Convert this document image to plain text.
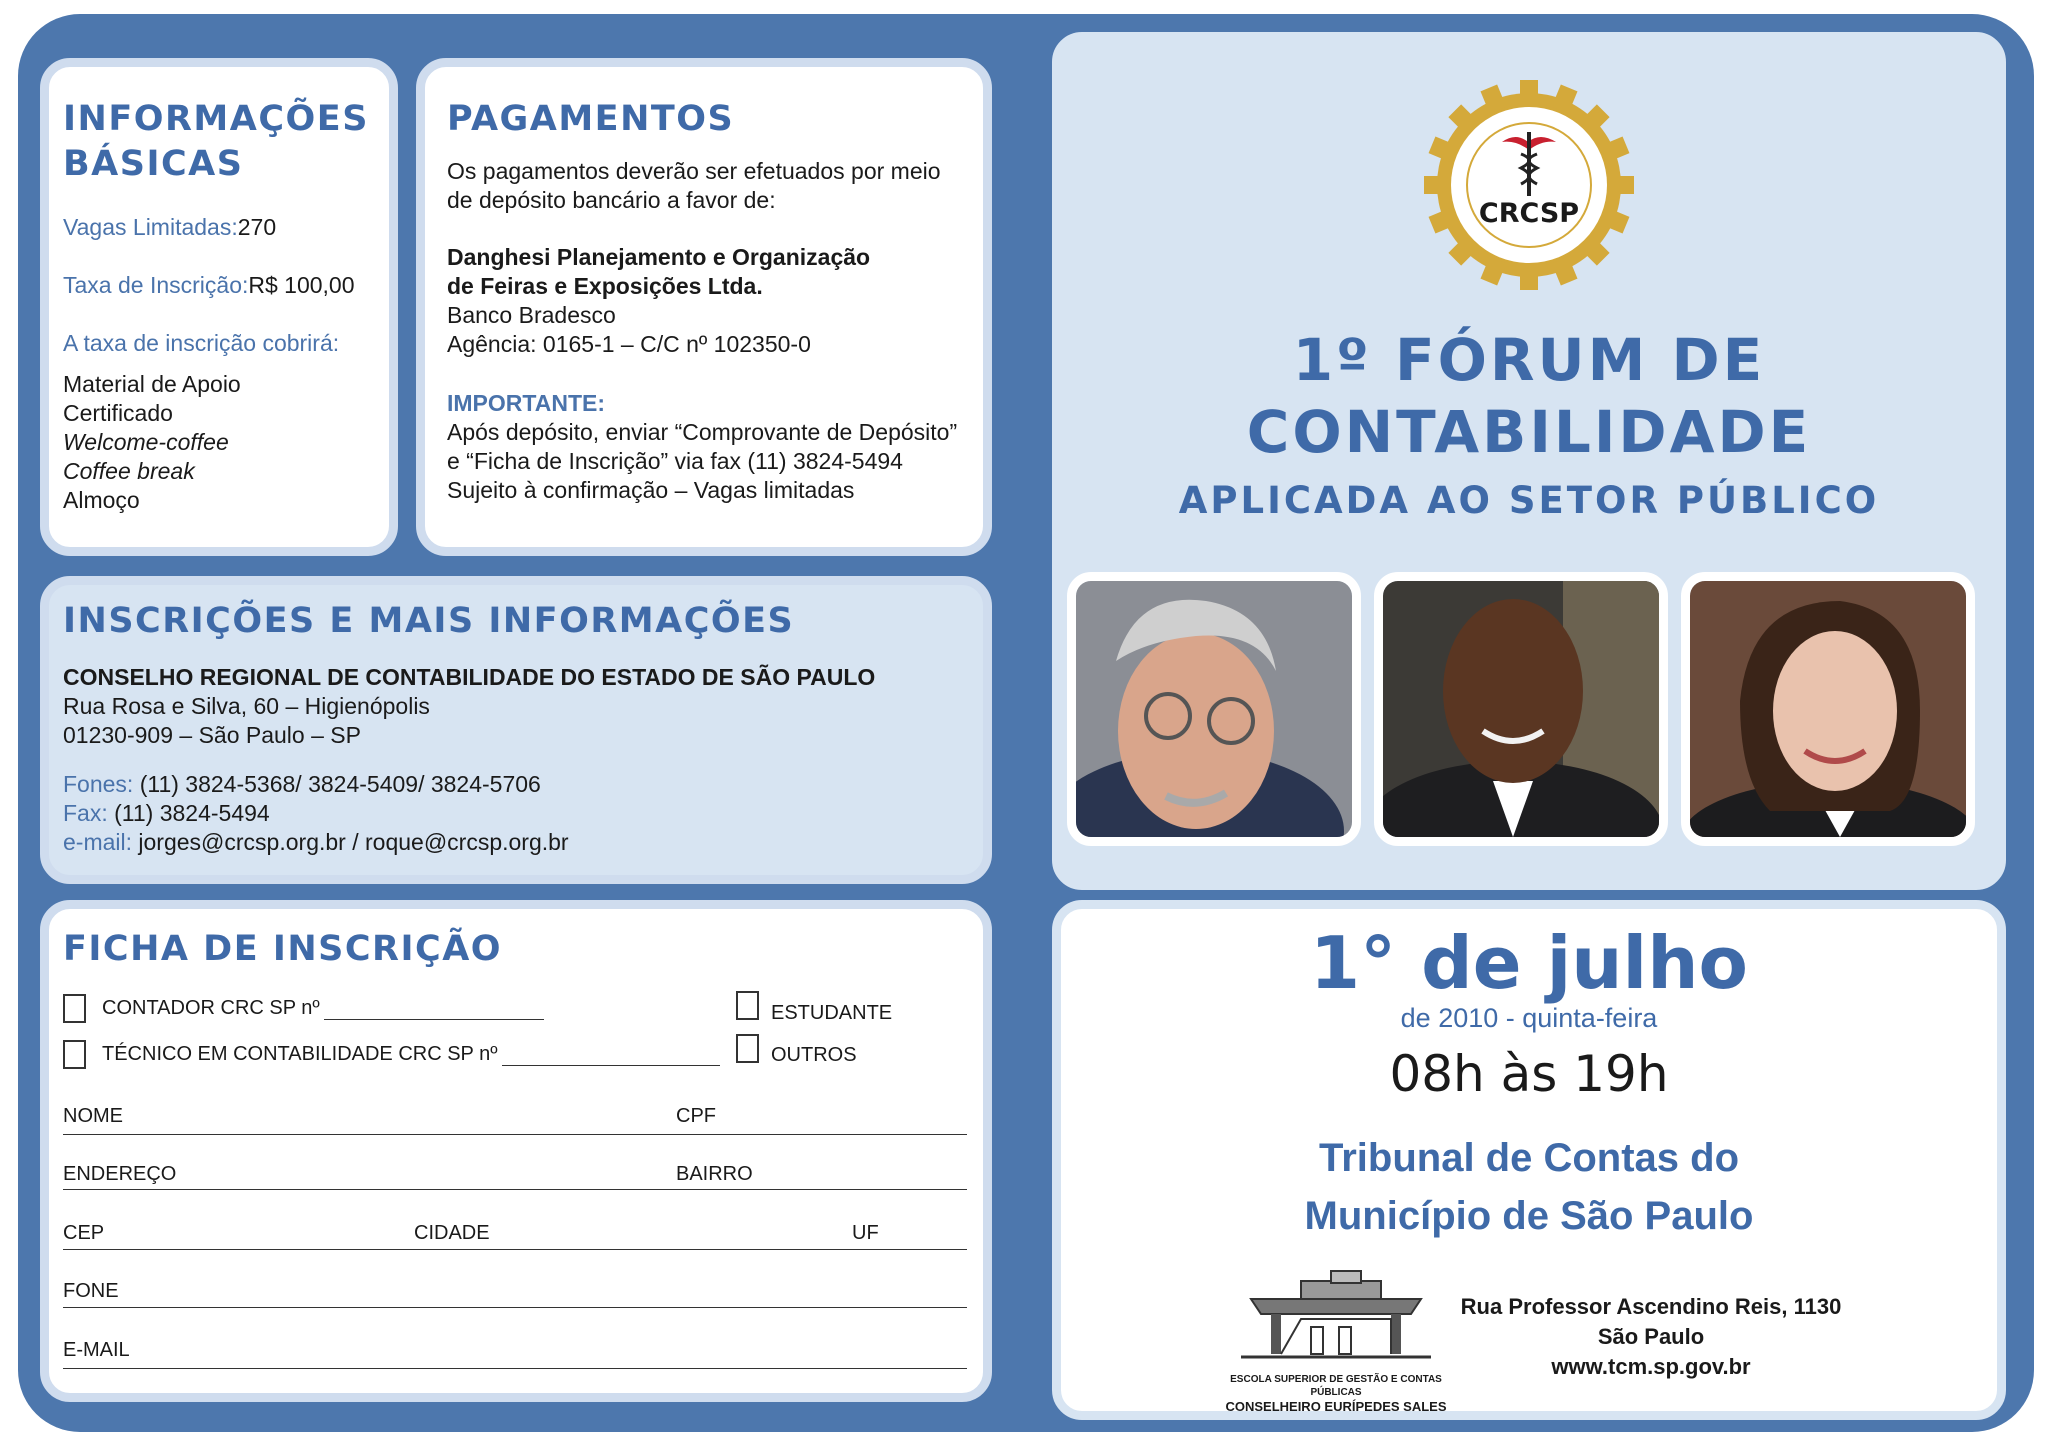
INFORMAÇÕES
BÁSICAS
Vagas Limitadas:270
Taxa de Inscrição:R$ 100,00
A taxa de inscrição cobrirá:
Material de Apoio
Certificado
Welcome-coffee
Coffee break
Almoço
PAGAMENTOS
Os pagamentos deverão ser efetuados por meio
de depósito bancário a favor de:
Danghesi Planejamento e Organização
de Feiras e Exposições Ltda.
Banco Bradesco
Agência: 0165-1 – C/C nº 102350-0
IMPORTANTE:
Após depósito, enviar “Comprovante de Depósito”
e “Ficha de Inscrição” via fax (11) 3824-5494
Sujeito à confirmação – Vagas limitadas
INSCRIÇÕES E MAIS INFORMAÇÕES
CONSELHO REGIONAL DE CONTABILIDADE DO ESTADO DE SÃO PAULO
Rua Rosa e Silva, 60 – Higienópolis
01230-909 – São Paulo – SP
Fones: (11) 3824-5368/ 3824-5409/ 3824-5706
Fax: (11) 3824-5494
e-mail: jorges@crcsp.org.br / roque@crcsp.org.br
FICHA DE INSCRIÇÃO
CONTADOR CRC SP nº
TÉCNICO EM CONTABILIDADE CRC SP nº
ESTUDANTE
OUTROS
NOME	CPF
ENDEREÇO	BAIRRO
CEP	CIDADE	UF
FONE
E-MAIL
CRCSP
1º FÓRUM DE
CONTABILIDADE
APLICADA AO SETOR PÚBLICO
1° de julho
de 2010 - quinta-feira
08h às 19h
Tribunal de Contas do
Município de São Paulo
ESCOLA SUPERIOR DE GESTÃO E CONTAS PÚBLICAS
CONSELHEIRO EURÍPEDES SALES
Rua Professor Ascendino Reis, 1130
São Paulo
www.tcm.sp.gov.br
